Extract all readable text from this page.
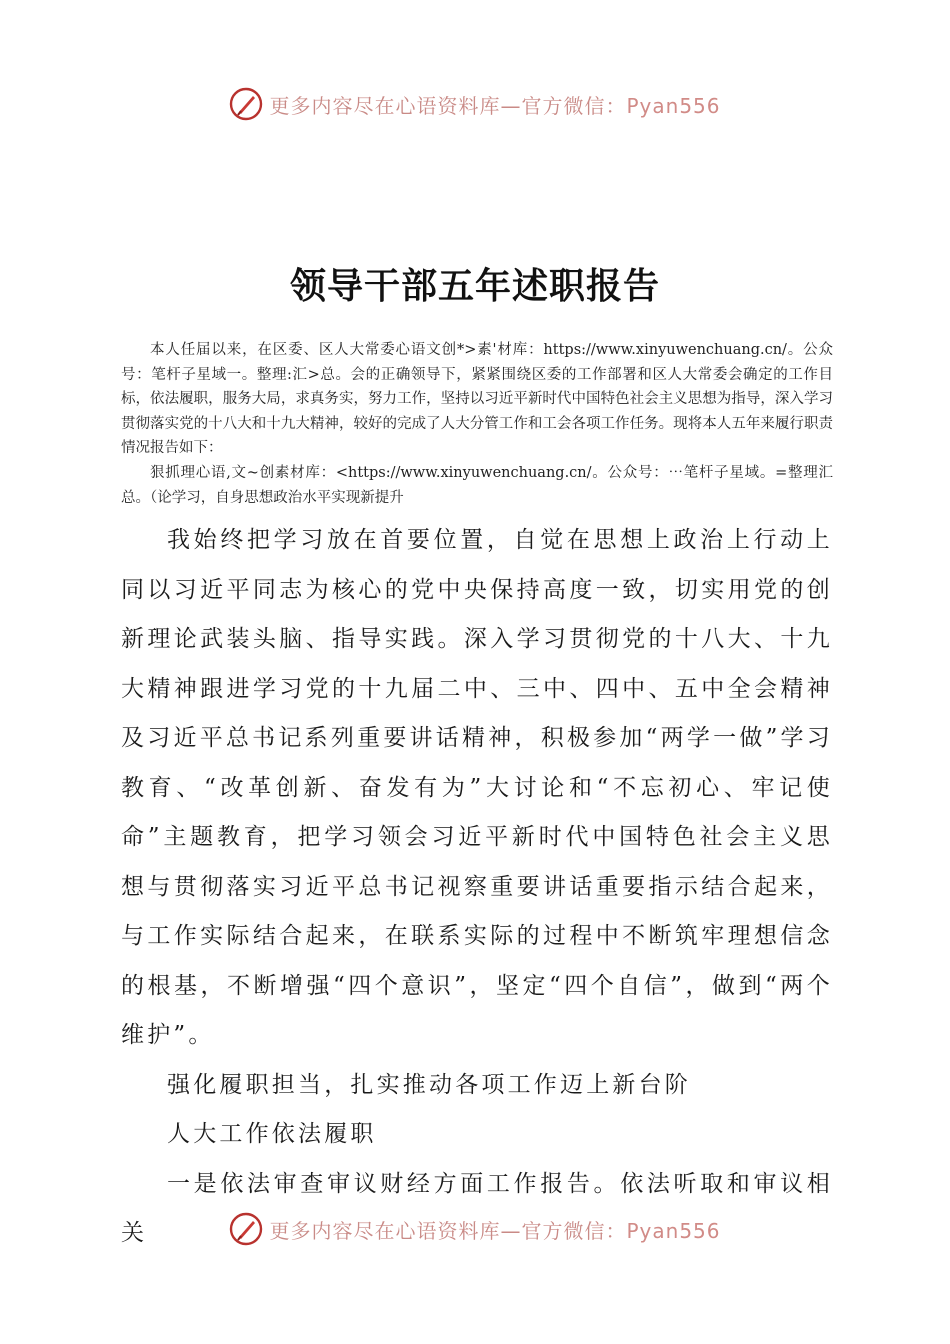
更多内容尽在心语资料库—官方微信：Pyan556
领导干部五年述职报告

本人任届以来，在区委、区人大常委心语文创*>素'材库：https://www.xinyuwenchuang.cn/。公众号：笔杆子星域一。整理:汇>总。会的正确领导下，紧紧围绕区委的工作部署和区人大常委会确定的工作目标，依法履职，服务大局，求真务实，努力工作，坚持以习近平新时代中国特色社会主义思想为指导，深入学习贯彻落实党的十八大和十九大精神，较好的完成了人大分管工作和工会各项工作任务。现将本人五年来履行职责情况报告如下：

狠抓理心语,文~创素材库：<https://www.xinyuwenchuang.cn/。公众号：⋯笔杆子星域。=整理汇总。（论学习，自身思想政治水平实现新提升

我始终把学习放在首要位置，自觉在思想上政治上行动上同以习近平同志为核心的党中央保持高度一致，切实用党的创新理论武装头脑、指导实践。深入学习贯彻党的十八大、十九大精神跟进学习党的十九届二中、三中、四中、五中全会精神及习近平总书记系列重要讲话精神，积极参加“两学一做”学习教育、“改革创新、奋发有为”大讨论和“不忘初心、牢记使命”主题教育，把学习领会习近平新时代中国特色社会主义思想与贯彻落实习近平总书记视察重要讲话重要指示结合起来，与工作实际结合起来，在联系实际的过程中不断筑牢理想信念的根基，不断增强“四个意识”，坚定“四个自信”，做到“两个维护”。

强化履职担当，扎实推动各项工作迈上新台阶

人大工作依法履职

一是依法审查审议财经方面工作报告。依法听取和审议相关	更多内容尽在心语资料库—官方微信：Pyan556
